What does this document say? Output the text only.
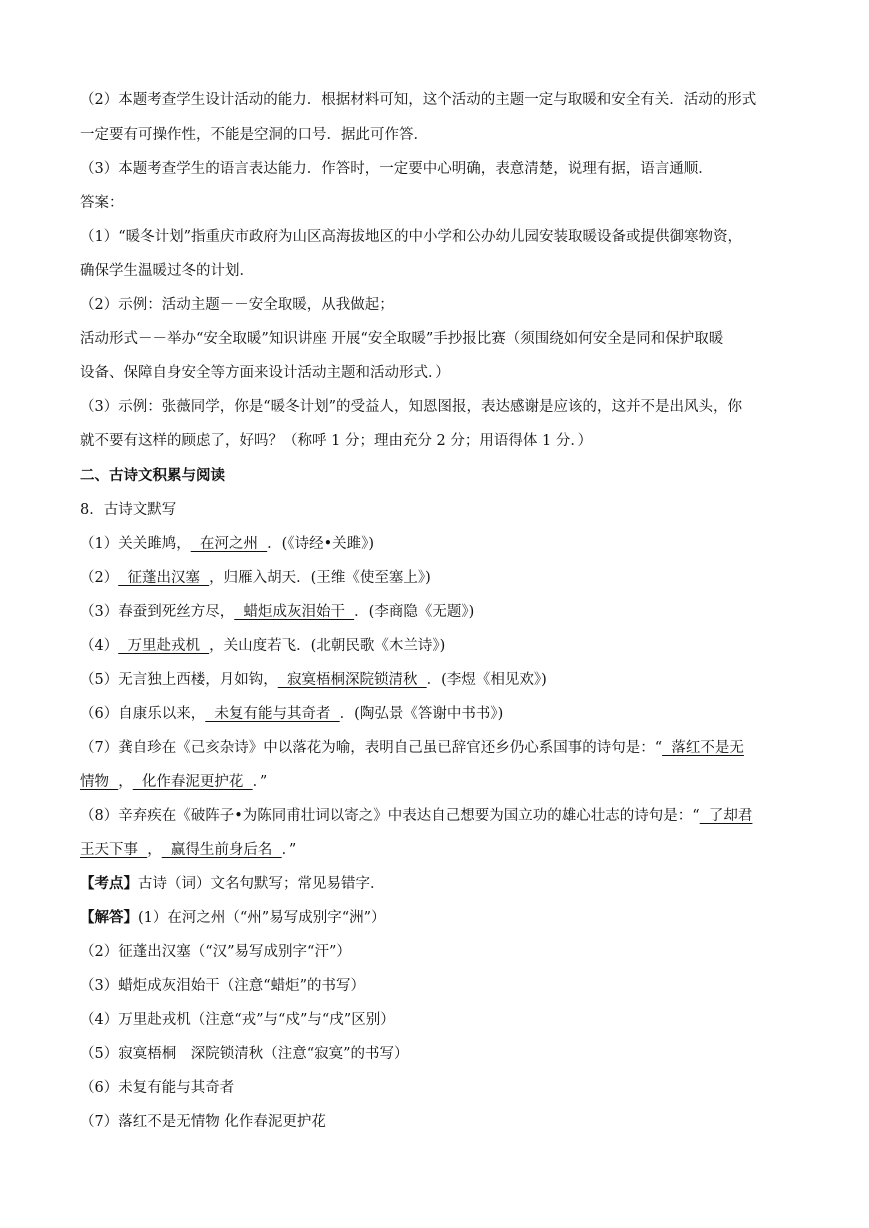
（2）本题考查学生设计活动的能力．根据材料可知，这个活动的主题一定与取暖和安全有关．活动的形式
一定要有可操作性，不能是空洞的口号．据此可作答．
（3）本题考查学生的语言表达能力．作答时，一定要中心明确，表意清楚，说理有据，语言通顺．
答案：
（1）“暖冬计划”指重庆市政府为山区高海拔地区的中小学和公办幼儿园安装取暖设备或提供御寒物资，
确保学生温暖过冬的计划．
（2）示例：活动主题－－安全取暖，从我做起；
活动形式－－举办“安全取暖”知识讲座 开展“安全取暖”手抄报比赛（须围绕如何安全是同和保护取暖
设备、保障自身安全等方面来设计活动主题和活动形式．）
（3）示例：张薇同学，你是“暖冬计划”的受益人，知恩图报，表达感谢是应该的，这并不是出风头，你
就不要有这样的顾虑了，好吗？（称呼 1 分；理由充分 2 分；用语得体 1 分．）
二、古诗文积累与阅读
8．古诗文默写
（1）关关雎鸠，  在河之州  ．(《诗经•关雎》)
（2）  征蓬出汉塞  ，归雁入胡天．(王维《使至塞上》)
（3）春蚕到死丝方尽，  蜡炬成灰泪始干  ．(李商隐《无题》)
（4）  万里赴戎机  ，关山度若飞．(北朝民歌《木兰诗》)
（5）无言独上西楼，月如钩，  寂寞梧桐深院锁清秋  ．(李煜《相见欢》)
（6）自康乐以来，  未复有能与其奇者  ．(陶弘景《答谢中书书》)
（7）龚自珍在《己亥杂诗》中以落花为喻，表明自己虽已辞官还乡仍心系国事的诗句是：“  落红不是无
情物  ，  化作春泥更护花  ．”
（8）辛弃疾在《破阵子•为陈同甫壮词以寄之》中表达自己想要为国立功的雄心壮志的诗句是：“  了却君
王天下事  ，  赢得生前身后名  ．”
【考点】古诗（词）文名句默写；常见易错字．
【解答】(1）在河之州（“州”易写成别字“洲”）
（2）征蓬出汉塞（“汉”易写成别字“汗”）
（3）蜡炬成灰泪始干（注意“蜡炬”的书写）
（4）万里赴戎机（注意“戎”与“戍”与“戌”区别）
（5）寂寞梧桐　深院锁清秋（注意“寂寞”的书写）
（6）未复有能与其奇者
（7）落红不是无情物 化作春泥更护花
